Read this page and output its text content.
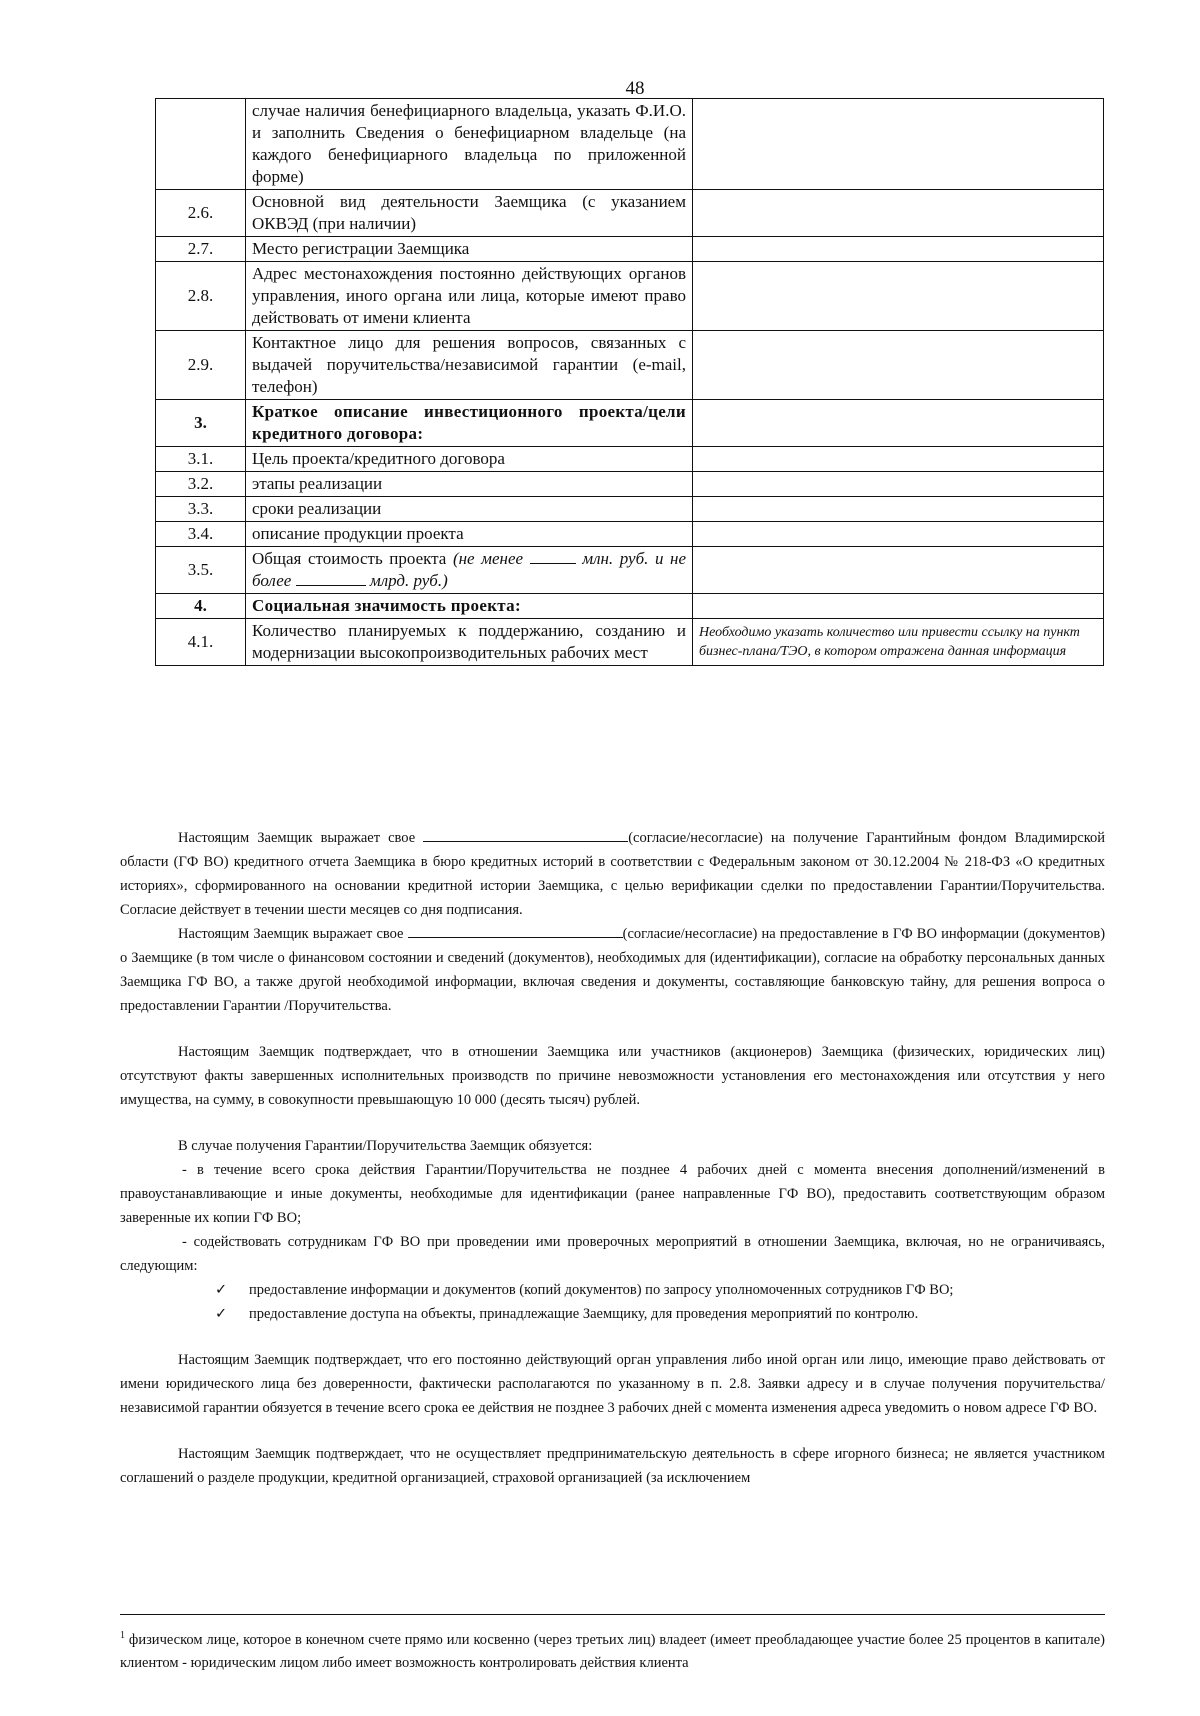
48
	случае наличия бенефициарного владельца, указать Ф.И.О. и заполнить Сведения о бенефициарном владельце (на каждого бенефициарного владельца по приложенной форме)	
2.6.	Основной вид деятельности Заемщика (с указанием ОКВЭД (при наличии)	
2.7.	Место регистрации Заемщика	
2.8.	Адрес местонахождения постоянно действующих органов управления, иного органа или лица, которые имеют право действовать от имени клиента	
2.9.	Контактное лицо для решения вопросов, связанных с выдачей поручительства/независимой гарантии (e-mail, телефон)	
3.	Краткое описание инвестиционного проекта/цели кредитного договора:	
3.1.	Цель проекта/кредитного договора	
3.2.	этапы реализации	
3.3.	сроки реализации	
3.4.	описание продукции проекта	
3.5.	Общая стоимость проекта (не менее млн. руб. и не более млрд. руб.)	
4.	Социальная значимость проекта:	
4.1.	Количество планируемых к поддержанию, созданию и модернизации высокопроизводительных рабочих мест	Необходимо указать количество или привести ссылку на пункт бизнес-плана/ТЭО, в котором отражена данная информация

Настоящим Заемщик выражает свое	(согласие/несогласие) на получение Гарантийным фондом Владимирской области (ГФ ВО) кредитного отчета Заемщика в бюро кредитных историй в соответствии с Федеральным законом от 30.12.2004 № 218-ФЗ «О кредитных историях», сформированного на основании кредитной истории Заемщика, с целью верификации сделки по предоставлении Гарантии/Поручительства. Согласие действует в течении шести месяцев со дня подписания.

Настоящим Заемщик выражает свое	(согласие/несогласие) на предоставление в ГФ ВО информации (документов) о Заемщике (в том числе о финансовом состоянии и сведений (документов), необходимых для (идентификации), согласие на обработку персональных данных Заемщика ГФ ВО, а также другой необходимой информации, включая сведения и документы, составляющие банковскую тайну, для решения вопроса о предоставлении Гарантии /Поручительства.

Настоящим Заемщик подтверждает, что в отношении Заемщика или участников (акционеров) Заемщика (физических, юридических лиц) отсутствуют факты завершенных исполнительных производств по причине невозможности установления его местонахождения или отсутствия у него имущества, на сумму, в совокупности превышающую 10 000 (десять тысяч) рублей.

В случае получения Гарантии/Поручительства Заемщик обязуется:

- в течение всего срока действия Гарантии/Поручительства не позднее 4 рабочих дней с момента внесения дополнений/изменений в правоустанавливающие и иные документы, необходимые для идентификации (ранее направленные ГФ ВО), предоставить соответствующим образом заверенные их копии ГФ ВО;

- содействовать сотрудникам ГФ ВО при проведении ими проверочных мероприятий в отношении Заемщика, включая, но не ограничиваясь, следующим:

✓	предоставление информации и документов (копий документов) по запросу уполномоченных сотрудников ГФ ВО;
✓	предоставление доступа на объекты, принадлежащие Заемщику, для проведения мероприятий по контролю.

Настоящим Заемщик подтверждает, что его постоянно действующий орган управления либо иной орган или лицо, имеющие право действовать от имени юридического лица без доверенности, фактически располагаются по указанному в п. 2.8. Заявки адресу и в случае получения поручительства/независимой гарантии обязуется в течение всего срока ее действия не позднее 3 рабочих дней с момента изменения адреса уведомить о новом адресе ГФ ВО.

Настоящим Заемщик подтверждает, что не осуществляет предпринимательскую деятельность в сфере игорного бизнеса; не является участником соглашений о разделе продукции, кредитной организацией, страховой организацией (за исключением

$^1$ физическом лице, которое в конечном счете прямо или косвенно (через третьих лиц) владеет (имеет преобладающее участие более 25 процентов в капитале) клиентом - юридическим лицом либо имеет возможность контролировать действия клиента
